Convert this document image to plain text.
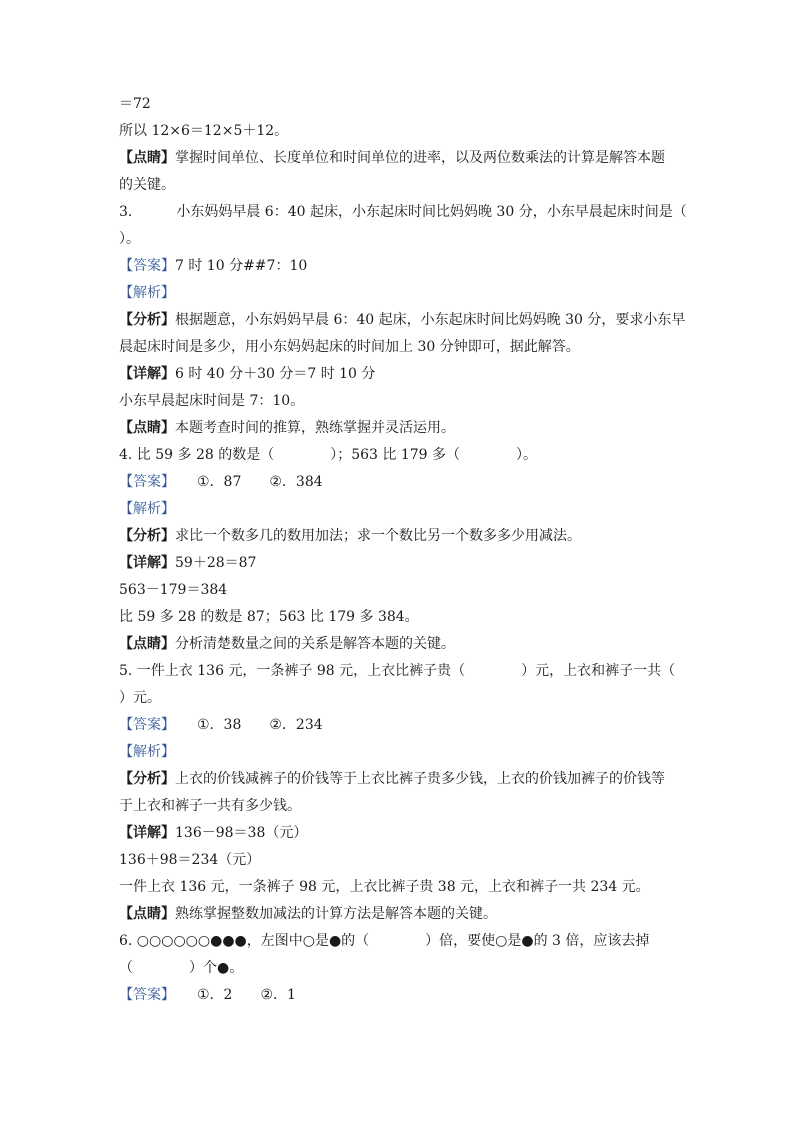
＝72
所以 12×6＝12×5＋12。
【点睛】掌握时间单位、长度单位和时间单位的进率，以及两位数乘法的计算是解答本题
的关键。
3.	小东妈妈早晨 6：40 起床，小东起床时间比妈妈晚 30 分，小东早晨起床时间是（
）。
【答案】7 时 10 分##7：10
【解析】
【分析】根据题意，小东妈妈早晨 6：40 起床，小东起床时间比妈妈晚 30 分，要求小东早
晨起床时间是多少，用小东妈妈起床的时间加上 30 分钟即可，据此解答。
【详解】6 时 40 分＋30 分＝7 时 10 分
小东早晨起床时间是 7：10。
【点睛】本题考查时间的推算，熟练掌握并灵活运用。
4. 比 59 多 28 的数是（　　　　）；563 比 179 多（　　　　）。
【答案】 ①．87　　②．384
【解析】
【分析】求比一个数多几的数用加法；求一个数比另一个数多多少用减法。
【详解】59＋28＝87
563－179＝384
比 59 多 28 的数是 87；563 比 179 多 384。
【点睛】分析清楚数量之间的关系是解答本题的关键。
5. 一件上衣 136 元，一条裤子 98 元，上衣比裤子贵（　　　　）元，上衣和裤子一共（
）元。
【答案】 ①．38　　②．234
【解析】
【分析】上衣的价钱减裤子的价钱等于上衣比裤子贵多少钱，上衣的价钱加裤子的价钱等
于上衣和裤子一共有多少钱。
【详解】136－98＝38（元）
136＋98＝234（元）
一件上衣 136 元，一条裤子 98 元，上衣比裤子贵 38 元，上衣和裤子一共 234 元。
【点睛】熟练掌握整数加减法的计算方法是解答本题的关键。
6. ○○○○○○●●●，左图中○是●的（　　　　）倍，要使○是●的 3 倍，应该去掉
（　　　　）个●。
【答案】 ①．2　　②．1
